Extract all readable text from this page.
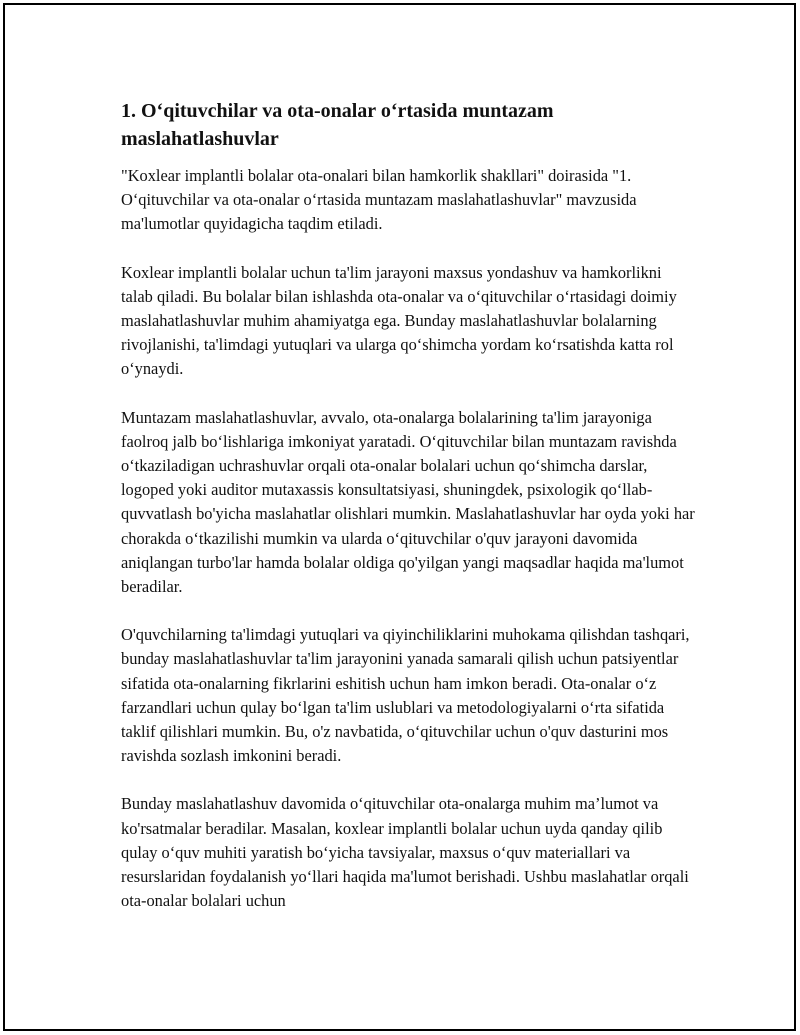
1. O‘qituvchilar va ota-onalar o‘rtasida muntazam maslahatlashuvlar

"Koxlear implantli bolalar ota-onalari bilan hamkorlik shakllari" doirasida "1. O‘qituvchilar va ota-onalar o‘rtasida muntazam maslahatlashuvlar" mavzusida ma'lumotlar quyidagicha taqdim etiladi.

Koxlear implantli bolalar uchun ta'lim jarayoni maxsus yondashuv va hamkorlikni talab qiladi. Bu bolalar bilan ishlashda ota-onalar va o‘qituvchilar o‘rtasidagi doimiy maslahatlashuvlar muhim ahamiyatga ega. Bunday maslahatlashuvlar bolalarning rivojlanishi, ta'limdagi yutuqlari va ularga qo‘shimcha yordam ko‘rsatishda katta rol o‘ynaydi.

Muntazam maslahatlashuvlar, avvalo, ota-onalarga bolalarining ta'lim jarayoniga faolroq jalb bo‘lishlariga imkoniyat yaratadi. O‘qituvchilar bilan muntazam ravishda o‘tkaziladigan uchrashuvlar orqali ota-onalar bolalari uchun qo‘shimcha darslar, logoped yoki auditor mutaxassis konsultatsiyasi, shuningdek, psixologik qo‘llab-quvvatlash bo'yicha maslahatlar olishlari mumkin. Maslahatlashuvlar har oyda yoki har chorakda o‘tkazilishi mumkin va ularda o‘qituvchilar o'quv jarayoni davomida aniqlangan turbo'lar hamda bolalar oldiga qo'yilgan yangi maqsadlar haqida ma'lumot beradilar.

O'quvchilarning ta'limdagi yutuqlari va qiyinchiliklarini muhokama qilishdan tashqari, bunday maslahatlashuvlar ta'lim jarayonini yanada samarali qilish uchun patsiyentlar sifatida ota-onalarning fikrlarini eshitish uchun ham imkon beradi. Ota-onalar o‘z farzandlari uchun qulay bo‘lgan ta'lim uslublari va metodologiyalarni o‘rta sifatida taklif qilishlari mumkin. Bu, o'z navbatida, o‘qituvchilar uchun o'quv dasturini mos ravishda sozlash imkonini beradi.

Bunday maslahatlashuv davomida o‘qituvchilar ota-onalarga muhim ma’lumot va ko'rsatmalar beradilar. Masalan, koxlear implantli bolalar uchun uyda qanday qilib qulay o‘quv muhiti yaratish bo‘yicha tavsiyalar, maxsus o‘quv materiallari va resurslaridan foydalanish yo‘llari haqida ma'lumot berishadi. Ushbu maslahatlar orqali ota-onalar bolalari uchun
